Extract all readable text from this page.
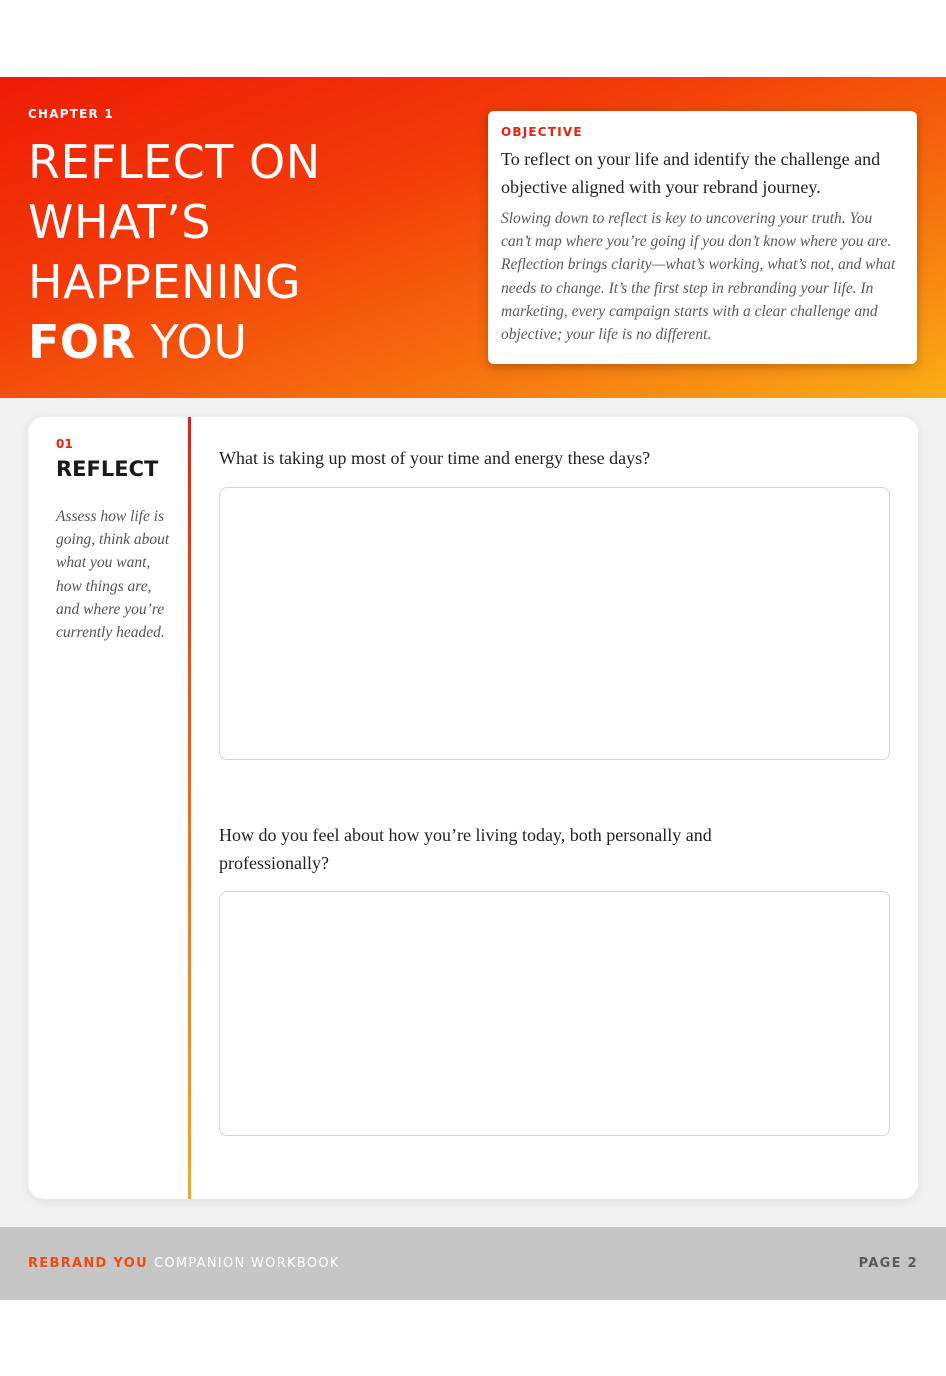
CHAPTER 1
REFLECT ON
WHAT’S
HAPPENING
FOR YOU
OBJECTIVE

To reflect on your life and identify the challenge and objective aligned with your rebrand journey.

Slowing down to reflect is key to uncovering your truth. You can’t map where you’re going if you don’t know where you are. Reflection brings clarity—what’s working, what’s not, and what needs to change. It’s the first step in rebranding your life. In marketing, every campaign starts with a clear challenge and objective; your life is no different.

01
REFLECT

Assess how life is going, think about what you want, how things are, and where you’re currently headed.

What is taking up most of your time and energy these days?

How do you feel about how you’re living today, both personally and professionally?

REBRAND YOU COMPANION WORKBOOK	PAGE 2
